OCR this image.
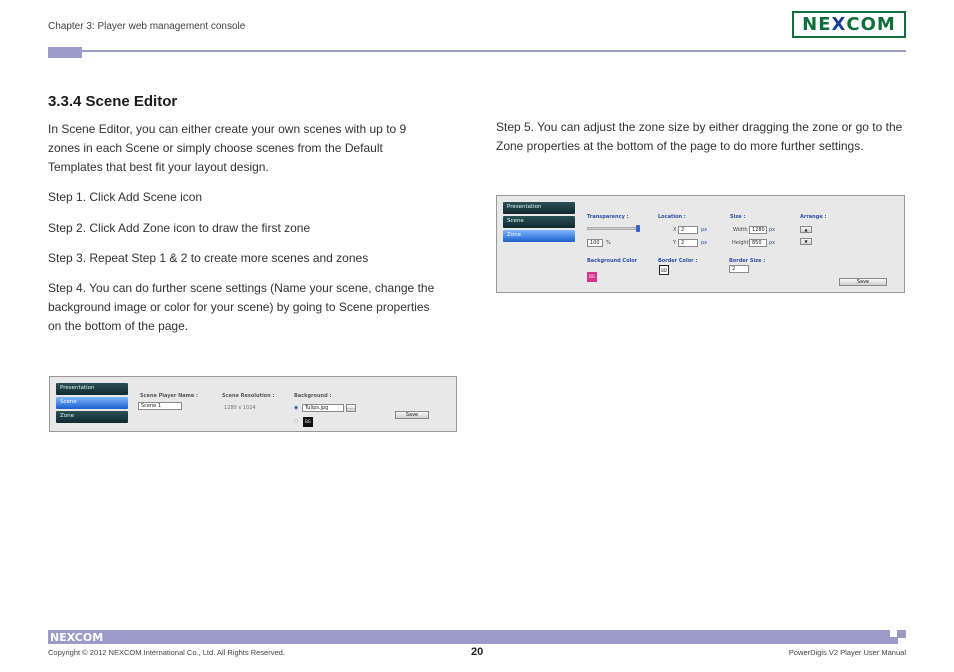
Chapter 3: Player web management console	NE X COM
3.3.4 Scene Editor
In Scene Editor, you can either create your own scenes with up to 9 zones in each Scene or simply choose scenes from the Default Templates that best fit your layout design.
Step 1. Click Add Scene icon
Step 2. Click Add Zone icon to draw the first zone
Step 3. Repeat Step 1 & 2 to create more scenes and zones
Step 4. You can do further scene settings (Name your scene, change the background image or color for your scene) by going to Scene properties on the bottom of the page.
Step 5. You can adjust the zone size by either dragging the zone or go to the Zone properties at the bottom of the page to do more further settings.
Presentation
Scene
Zone
Transparency :
100	%
Location :
X 2	px
Y 2	px
Size :
Width 1280 px
Height 850	px
Arrange :
▲
▼
Background Color
BG
Border Color :
BD
Border Size :
2
Save
Presentation
Scene
Zone
Scene Player Name :
Scene 1
Scene Resolution :
1280 x 1024
Background :
◉	Tulips.jpg	......
○	BG
Save
NEXCOM
Copyright © 2012 NEXCOM International Co., Ltd. All Rights Reserved.	20	PowerDigis V2 Player User Manual
